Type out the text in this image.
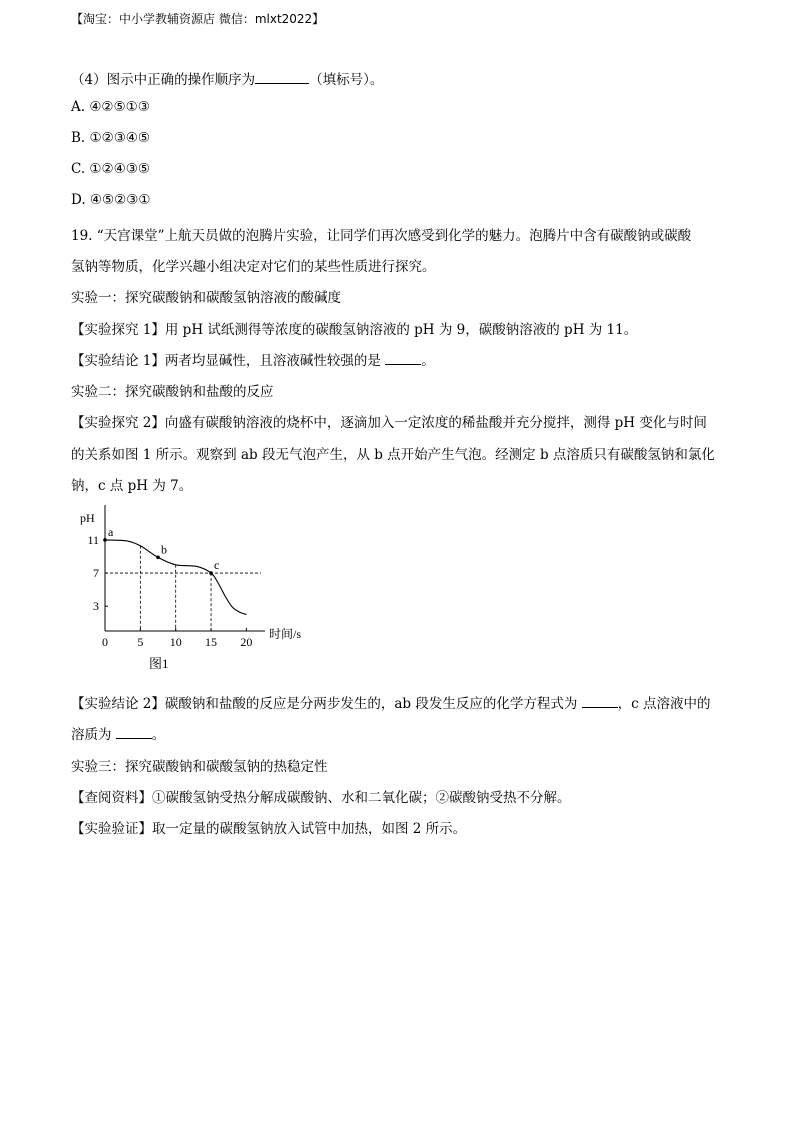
【淘宝：中小学教辅资源店 微信：mlxt2022】
（4）图示中正确的操作顺序为	（填标号）。
A. ④②⑤①③
B. ①②③④⑤
C. ①②④③⑤
D. ④⑤②③①
19. “天宫课堂”上航天员做的泡腾片实验，让同学们再次感受到化学的魅力。泡腾片中含有碳酸钠或碳酸
氢钠等物质，化学兴趣小组决定对它们的某些性质进行探究。
实验一：探究碳酸钠和碳酸氢钠溶液的酸碱度
【实验探究 1】用 pH 试纸测得等浓度的碳酸氢钠溶液的 pH 为 9，碳酸钠溶液的 pH 为 11。
【实验结论 1】两者均显碱性，且溶液碱性较强的是	。
实验二：探究碳酸钠和盐酸的反应
【实验探究 2】向盛有碳酸钠溶液的烧杯中，逐滴加入一定浓度的稀盐酸并充分搅拌，测得 pH 变化与时间
的关系如图 1 所示。观察到 ab 段无气泡产生，从 b 点开始产生气泡。经测定 b 点溶质只有碳酸氢钠和氯化
钠，c 点 pH 为 7。
pH
时间/s
0 5 10 15 20
3
7
11
a
b
c
图1
【实验结论 2】碳酸钠和盐酸的反应是分两步发生的，ab 段发生反应的化学方程式为	，c 点溶液中的
溶质为	。
实验三：探究碳酸钠和碳酸氢钠的热稳定性
【查阅资料】①碳酸氢钠受热分解成碳酸钠、水和二氧化碳；②碳酸钠受热不分解。
【实验验证】取一定量的碳酸氢钠放入试管中加热，如图 2 所示。
